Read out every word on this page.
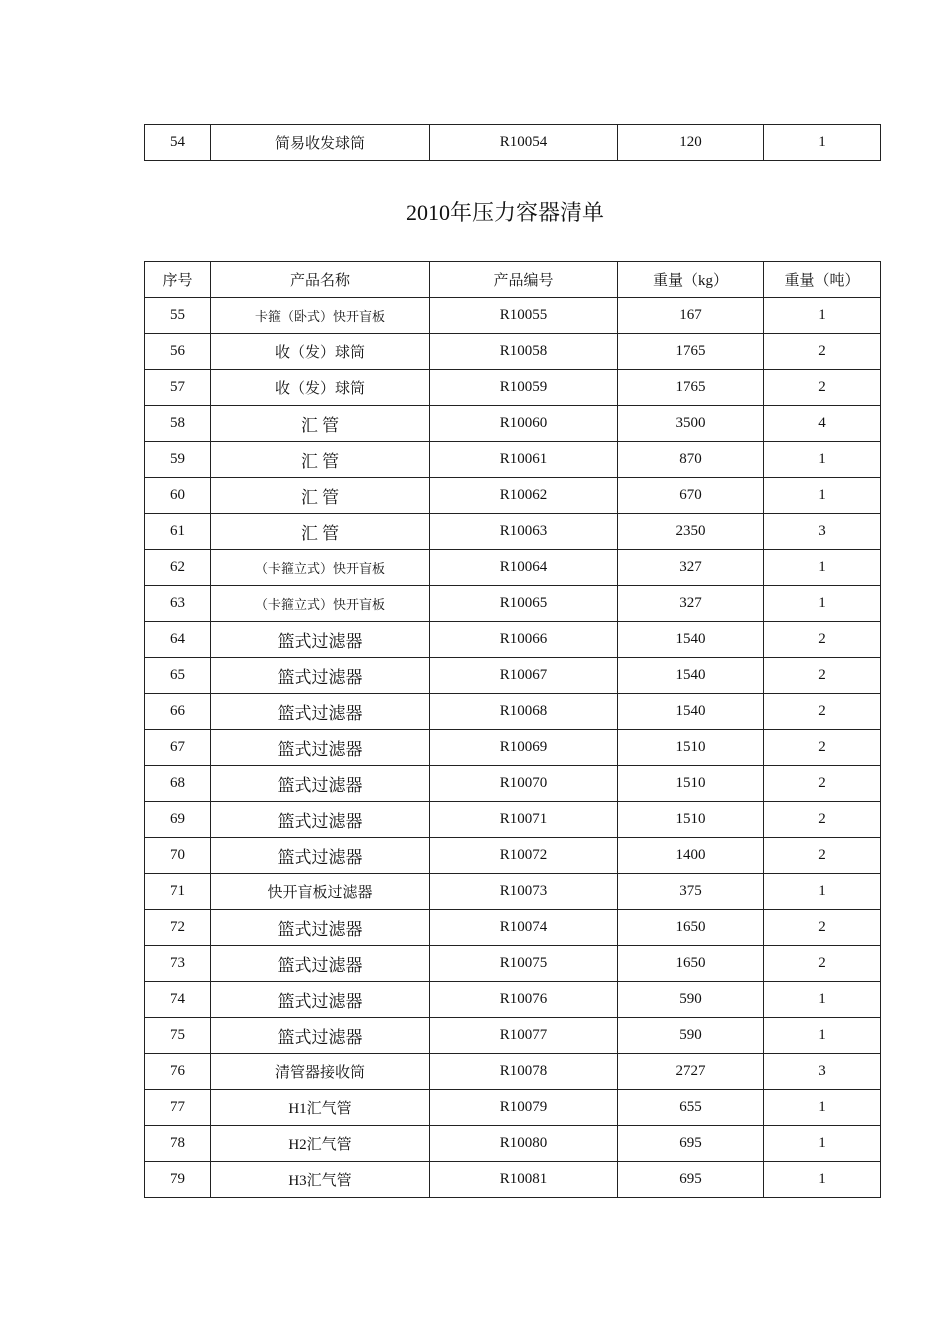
54	简易收发球筒	R10054	120	1
2010年压力容器清单
序号	产品名称	产品编号	重量（kg）	重量（吨）
55	卡箍（卧式）快开盲板	R10055	167	1
56	收（发）球筒	R10058	1765	2
57	收（发）球筒	R10059	1765	2
58	汇 管	R10060	3500	4
59	汇 管	R10061	870	1
60	汇 管	R10062	670	1
61	汇 管	R10063	2350	3
62	（卡箍立式）快开盲板	R10064	327	1
63	（卡箍立式）快开盲板	R10065	327	1
64	篮式过滤器	R10066	1540	2
65	篮式过滤器	R10067	1540	2
66	篮式过滤器	R10068	1540	2
67	篮式过滤器	R10069	1510	2
68	篮式过滤器	R10070	1510	2
69	篮式过滤器	R10071	1510	2
70	篮式过滤器	R10072	1400	2
71	快开盲板过滤器	R10073	375	1
72	篮式过滤器	R10074	1650	2
73	篮式过滤器	R10075	1650	2
74	篮式过滤器	R10076	590	1
75	篮式过滤器	R10077	590	1
76	清管器接收筒	R10078	2727	3
77	H1汇气管	R10079	655	1
78	H2汇气管	R10080	695	1
79	H3汇气管	R10081	695	1
